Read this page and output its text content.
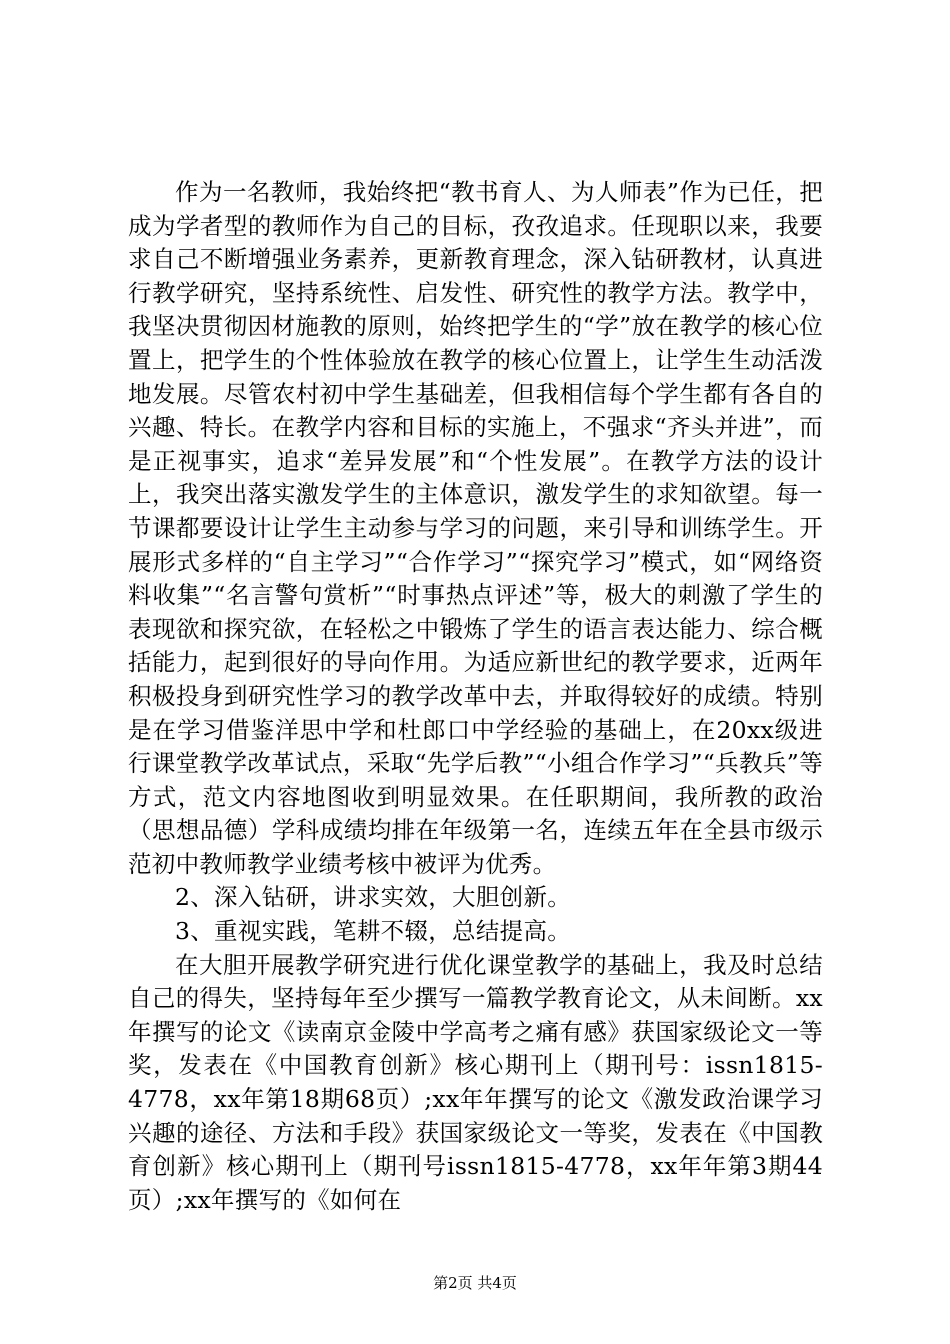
作为一名教师，我始终把“教书育人、为人师表”作为已任，把成为学者型的教师作为自己的目标，孜孜追求。任现职以来，我要求自己不断增强业务素养，更新教育理念，深入钻研教材，认真进行教学研究，坚持系统性、启发性、研究性的教学方法。教学中，我坚决贯彻因材施教的原则，始终把学生的“学”放在教学的核心位置上，把学生的个性体验放在教学的核心位置上，让学生生动活泼地发展。尽管农村初中学生基础差，但我相信每个学生都有各自的兴趣、特长。在教学内容和目标的实施上，不强求“齐头并进”，而是正视事实，追求“差异发展”和“个性发展”。在教学方法的设计上，我突出落实激发学生的主体意识，激发学生的求知欲望。每一节课都要设计让学生主动参与学习的问题，来引导和训练学生。开展形式多样的“自主学习”“合作学习”“探究学习”模式，如“网络资料收集”“名言警句赏析”“时事热点评述”等，极大的刺激了学生的表现欲和探究欲，在轻松之中锻炼了学生的语言表达能力、综合概括能力，起到很好的导向作用。为适应新世纪的教学要求，近两年积极投身到研究性学习的教学改革中去，并取得较好的成绩。特别是在学习借鉴洋思中学和杜郎口中学经验的基础上，在20xx级进行课堂教学改革试点，采取“先学后教”“小组合作学习”“兵教兵”等方式，范文内容地图收到明显效果。在任职期间，我所教的政治（思想品德）学科成绩均排在年级第一名，连续五年在全县市级示范初中教师教学业绩考核中被评为优秀。

2、深入钻研，讲求实效，大胆创新。

3、重视实践，笔耕不辍，总结提高。

在大胆开展教学研究进行优化课堂教学的基础上，我及时总结自己的得失，坚持每年至少撰写一篇教学教育论文，从未间断。xx年撰写的论文《读南京金陵中学高考之痛有感》获国家级论文一等奖，发表在《中国教育创新》核心期刊上（期刊号：issn1815-4778，xx年第18期68页）;xx年年撰写的论文《激发政治课学习兴趣的途径、方法和手段》获国家级论文一等奖，发表在《中国教育创新》核心期刊上（期刊号issn1815-4778，xx年年第3期44页）;xx年撰写的《如何在

第2页 共4页
